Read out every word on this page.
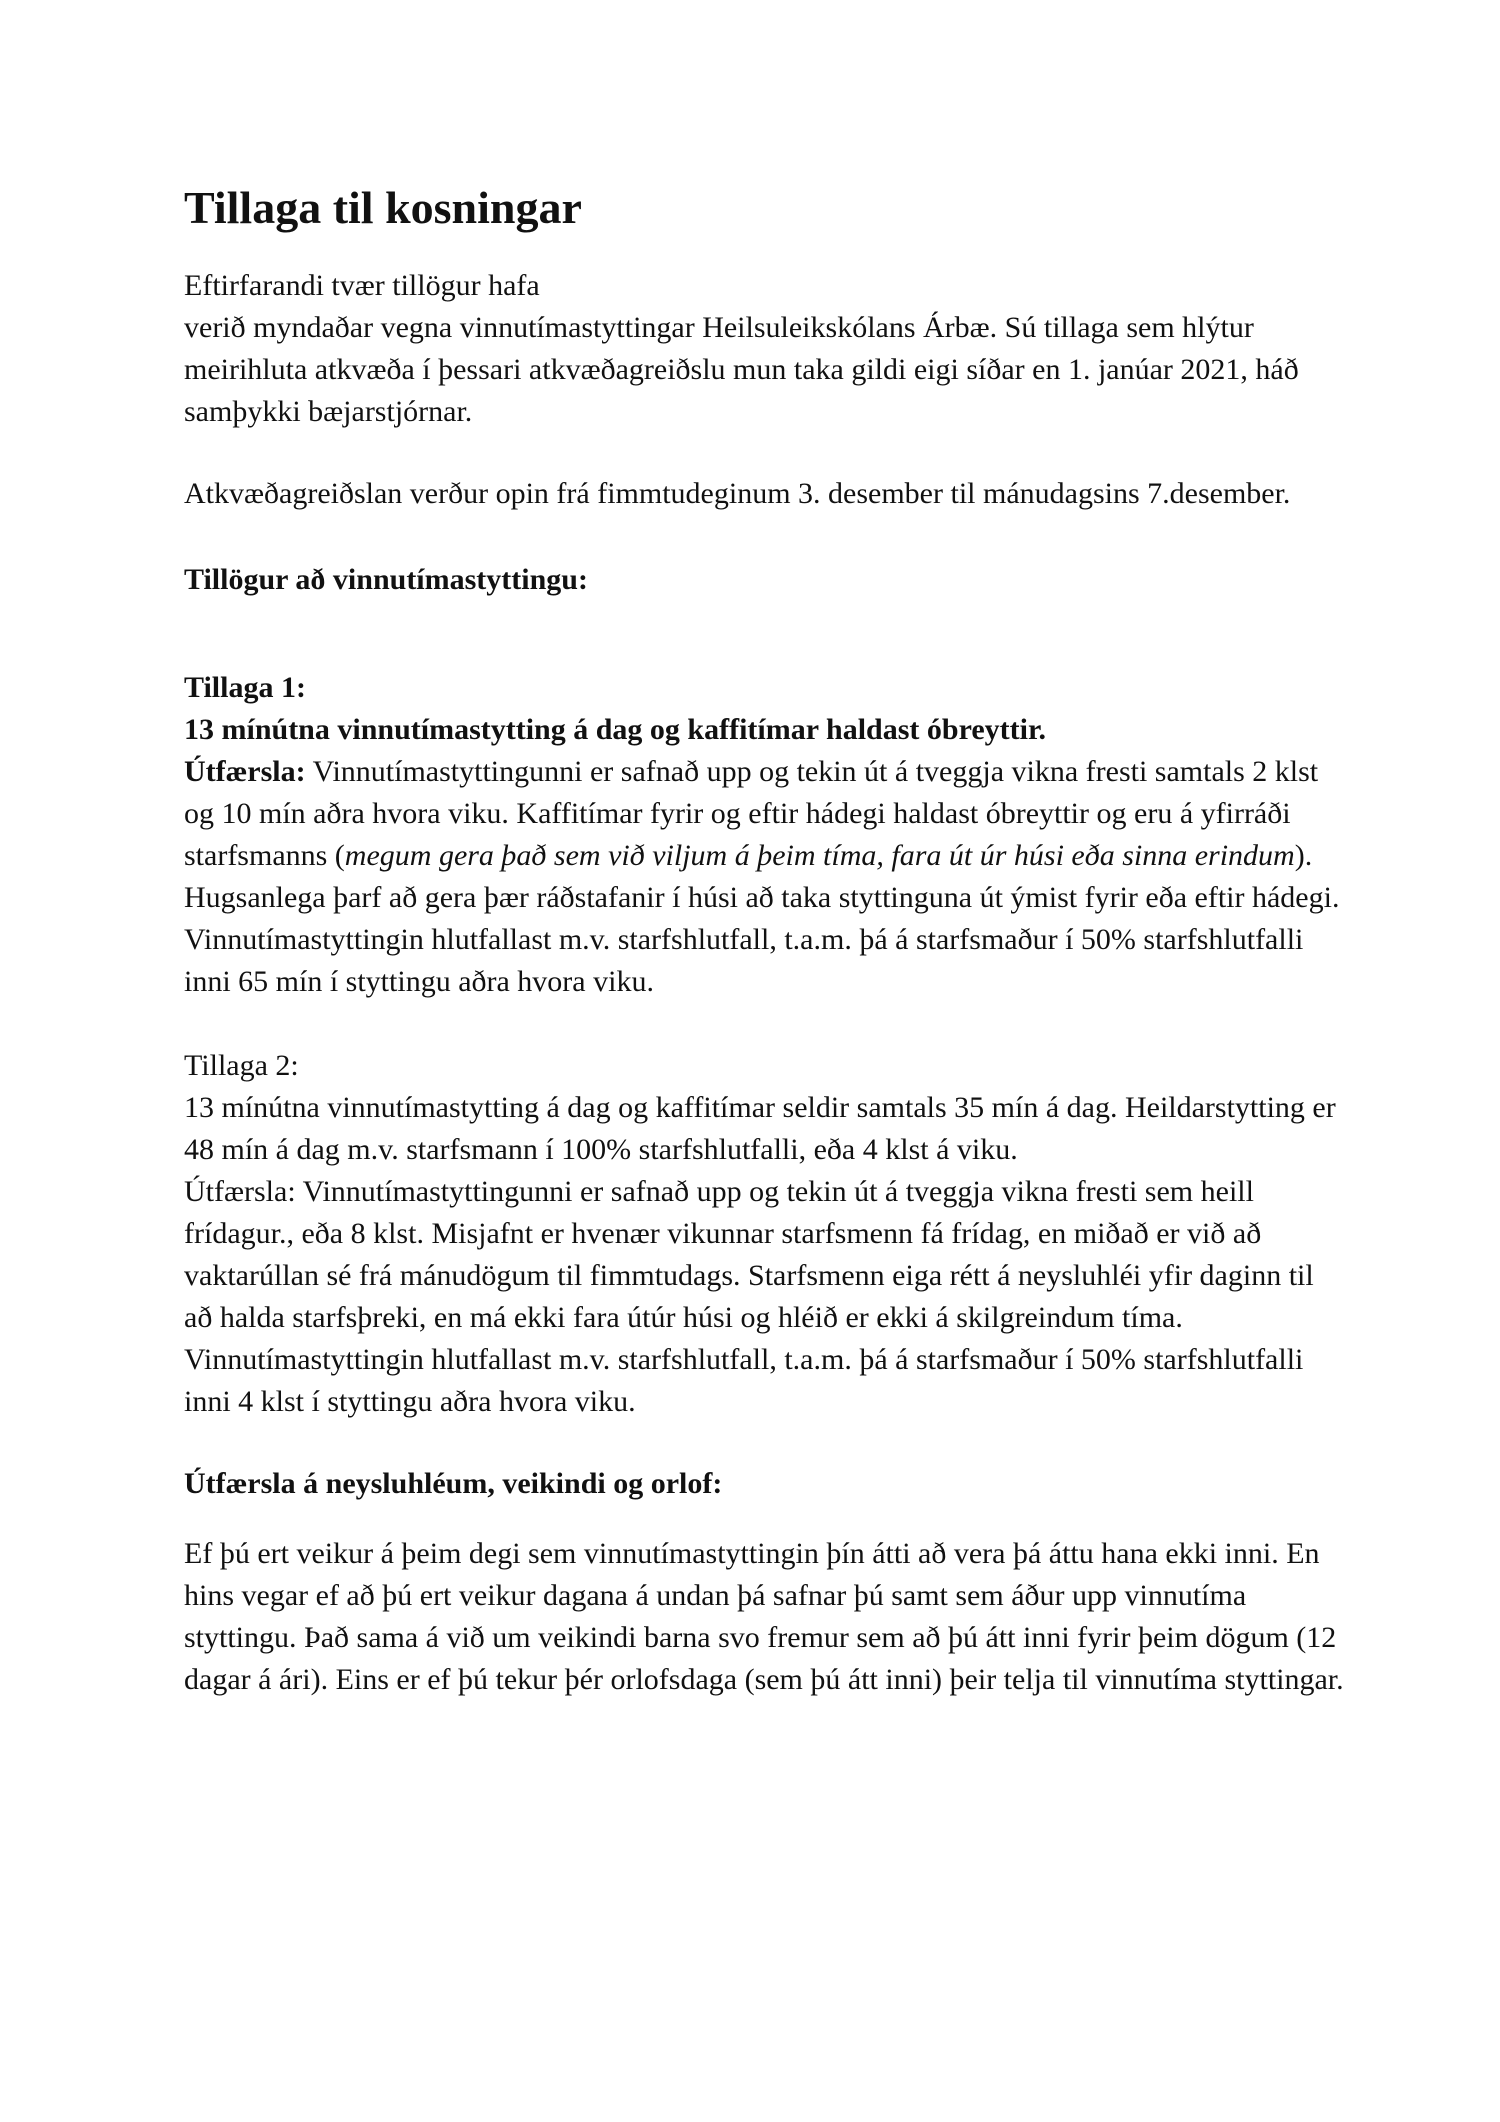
Tillaga til kosningar
Eftirfarandi tvær tillögur hafa
verið myndaðar vegna vinnutímastyttingar Heilsuleikskólans Árbæ. Sú tillaga sem hlýtur meirihluta atkvæða í þessari atkvæðagreiðslu mun taka gildi eigi síðar en 1. janúar 2021, háð samþykki bæjarstjórnar.

Atkvæðagreiðslan verður opin frá fimmtudeginum 3. desember til mánudagsins 7.desember.

Tillögur að vinnutímastyttingu:

Tillaga 1:
13 mínútna vinnutímastytting á dag og kaffitímar haldast óbreyttir.
Útfærsla: Vinnutímastyttingunni er safnað upp og tekin út á tveggja vikna fresti samtals 2 klst og 10 mín aðra hvora viku. Kaffitímar fyrir og eftir hádegi haldast óbreyttir og eru á yfirráði starfsmanns (megum gera það sem við viljum á þeim tíma, fara út úr húsi eða sinna erindum). Hugsanlega þarf að gera þær ráðstafanir í húsi að taka styttinguna út ýmist fyrir eða eftir hádegi. Vinnutímastyttingin hlutfallast m.v. starfshlutfall, t.a.m. þá á starfsmaður í 50% starfshlutfalli inni 65 mín í styttingu aðra hvora viku.
Tillaga 2:
13 mínútna vinnutímastytting á dag og kaffitímar seldir samtals 35 mín á dag. Heildarstytting er 48 mín á dag m.v. starfsmann í 100% starfshlutfalli, eða 4 klst á viku.
Útfærsla: Vinnutímastyttingunni er safnað upp og tekin út á tveggja vikna fresti sem heill frídagur., eða 8 klst. Misjafnt er hvenær vikunnar starfsmenn fá frídag, en miðað er við að vaktarúllan sé frá mánudögum til fimmtudags. Starfsmenn eiga rétt á neysluhléi yfir daginn til að halda starfsþreki, en má ekki fara útúr húsi og hléið er ekki á skilgreindum tíma. Vinnutímastyttingin hlutfallast m.v. starfshlutfall, t.a.m. þá á starfsmaður í 50% starfshlutfalli inni 4 klst í styttingu aðra hvora viku.

Útfærsla á neysluhléum, veikindi og orlof:

Ef þú ert veikur á þeim degi sem vinnutímastyttingin þín átti að vera þá áttu hana ekki inni. En hins vegar ef að þú ert veikur dagana á undan þá safnar þú samt sem áður upp vinnutíma styttingu. Það sama á við um veikindi barna svo fremur sem að þú átt inni fyrir þeim dögum (12 dagar á ári). Eins er ef þú tekur þér orlofsdaga (sem þú átt inni) þeir telja til vinnutíma styttingar.
